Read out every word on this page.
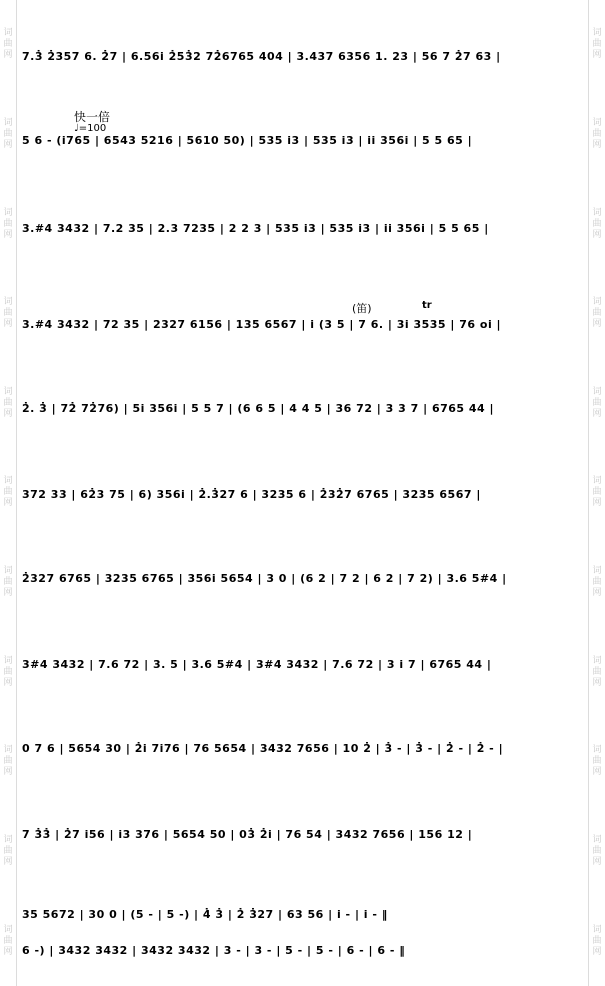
词
曲
网
词
曲
网
词
曲
网
词
曲
网
词
曲
网
词
曲
网
词
曲
网
词
曲
网
词
曲
网
词
曲
网
词
曲
网
词
曲
网
词
曲
网
词
曲
网
词
曲
网
词
曲
网
词
曲
网
词
曲
网
词
曲
网
词
曲
网
词
曲
网
词
曲
网
7.3̇ 2̇357 6. 2̇7 | 6.56i 2̇53̇2 72̇6765 404 | 3.437 6356 1. 23 | 56 7 2̇7 63 |
快一倍
♩=100
5 6 - (i765 | 6543 5216 | 5610 50) | 535 i3 | 535 i3 | ii 356i | 5 5 65 |
3.#4 3432 | 7.2 35 | 2.3 7235 | 2 2 3 | 535 i3 | 535 i3 | ii 356i | 5 5 65 |
(笛)	tr
3.#4 3432 | 72 35 | 2327 6156 | 135 6567 | i (3 5 | 7 6. | 3i 3535 | 76 oi |
2̇. 3̇ | 72̇ 72̇76) | 5i 356i | 5 5 7 | (6 6 5 | 4 4 5 | 36 72 | 3 3 7 | 6765 44 |
372 33 | 62̇3 75 | 6) 356i | 2̇.3̇27 6 | 3235 6 | 2̇32̇7 6765 | 3235 6567 |
2̇327 6765 | 3235 6765 | 356i 5654 | 3 0 | (6 2 | 7 2 | 6 2 | 7 2) | 3.6 5#4 |
3#4 3432 | 7.6 72 | 3. 5 | 3.6 5#4 | 3#4 3432 | 7.6 72 | 3 i 7 | 6765 44 |
0 7 6 | 5654 30 | 2̇i 7i76 | 76 5654 | 3432 7656 | 10 2̇ | 3̇ - | 3̇ - | 2̇ - | 2̇ - |
7 3̇3̇ | 2̇7 i56 | i3 376 | 5654 50 | 03̇ 2̇i | 76 54 | 3432 7656 | 156 12 |
35 5672 | 30 0 | (5 - | 5 -) | 4̇ 3̇ | 2̇ 3̇27 | 63 56 | i - | i - ‖
6 -) | 3432 3432 | 3432 3432 | 3 - | 3 - | 5 - | 5 - | 6 - | 6 - ‖
